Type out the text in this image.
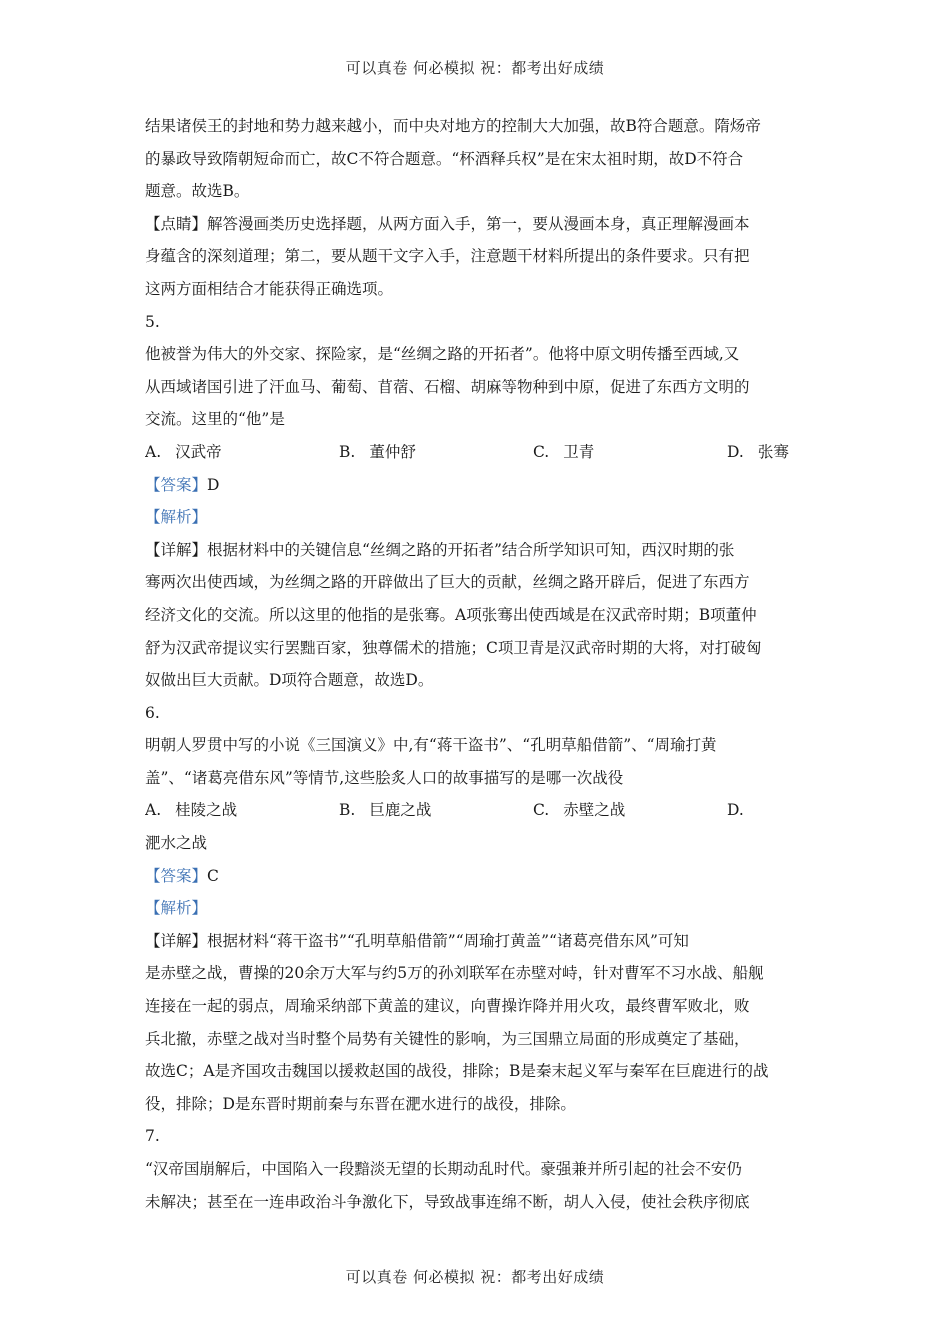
可以真卷 何必模拟 祝：都考出好成绩
结果诸侯王的封地和势力越来越小，而中央对地方的控制大大加强，故B符合题意。隋炀帝
的暴政导致隋朝短命而亡，故C不符合题意。“杯酒释兵权”是在宋太祖时期，故D不符合
题意。故选B。
【点睛】解答漫画类历史选择题，从两方面入手，第一，要从漫画本身，真正理解漫画本
身蕴含的深刻道理；第二，要从题干文字入手，注意题干材料所提出的条件要求。只有把
这两方面相结合才能获得正确选项。
5.
他被誉为伟大的外交家、探险家，是“丝绸之路的开拓者”。他将中原文明传播至西域,又
从西域诸国引进了汗血马、葡萄、苜蓿、石榴、胡麻等物种到中原，促进了东西方文明的
交流。这里的“他”是
A. 汉武帝	B. 董仲舒	C. 卫青	D. 张骞
【答案】D
【解析】
【详解】根据材料中的关键信息“丝绸之路的开拓者”结合所学知识可知，西汉时期的张
骞两次出使西域，为丝绸之路的开辟做出了巨大的贡献，丝绸之路开辟后，促进了东西方
经济文化的交流。所以这里的他指的是张骞。A项张骞出使西域是在汉武帝时期；B项董仲
舒为汉武帝提议实行罢黜百家，独尊儒术的措施；C项卫青是汉武帝时期的大将，对打破匈
奴做出巨大贡献。D项符合题意，故选D。
6.
明朝人罗贯中写的小说《三国演义》中,有“蒋干盗书”、“孔明草船借箭”、“周瑜打黄
盖”、“诸葛亮借东风”等情节,这些脍炙人口的故事描写的是哪一次战役
A. 桂陵之战	B. 巨鹿之战	C. 赤壁之战	D.
淝水之战
【答案】C
【解析】
【详解】根据材料“蒋干盗书”“孔明草船借箭”“周瑜打黄盖”“诸葛亮借东风”可知
是赤壁之战，曹操的20余万大军与约5万的孙刘联军在赤壁对峙，针对曹军不习水战、船舰
连接在一起的弱点，周瑜采纳部下黄盖的建议，向曹操诈降并用火攻，最终曹军败北，败
兵北撤，赤壁之战对当时整个局势有关键性的影响，为三国鼎立局面的形成奠定了基础，
故选C；A是齐国攻击魏国以援救赵国的战役，排除；B是秦末起义军与秦军在巨鹿进行的战
役，排除；D是东晋时期前秦与东晋在淝水进行的战役，排除。
7.
“汉帝国崩解后，中国陷入一段黯淡无望的长期动乱时代。豪强兼并所引起的社会不安仍
未解决；甚至在一连串政治斗争激化下，导致战事连绵不断，胡人入侵，使社会秩序彻底
可以真卷 何必模拟 祝：都考出好成绩
